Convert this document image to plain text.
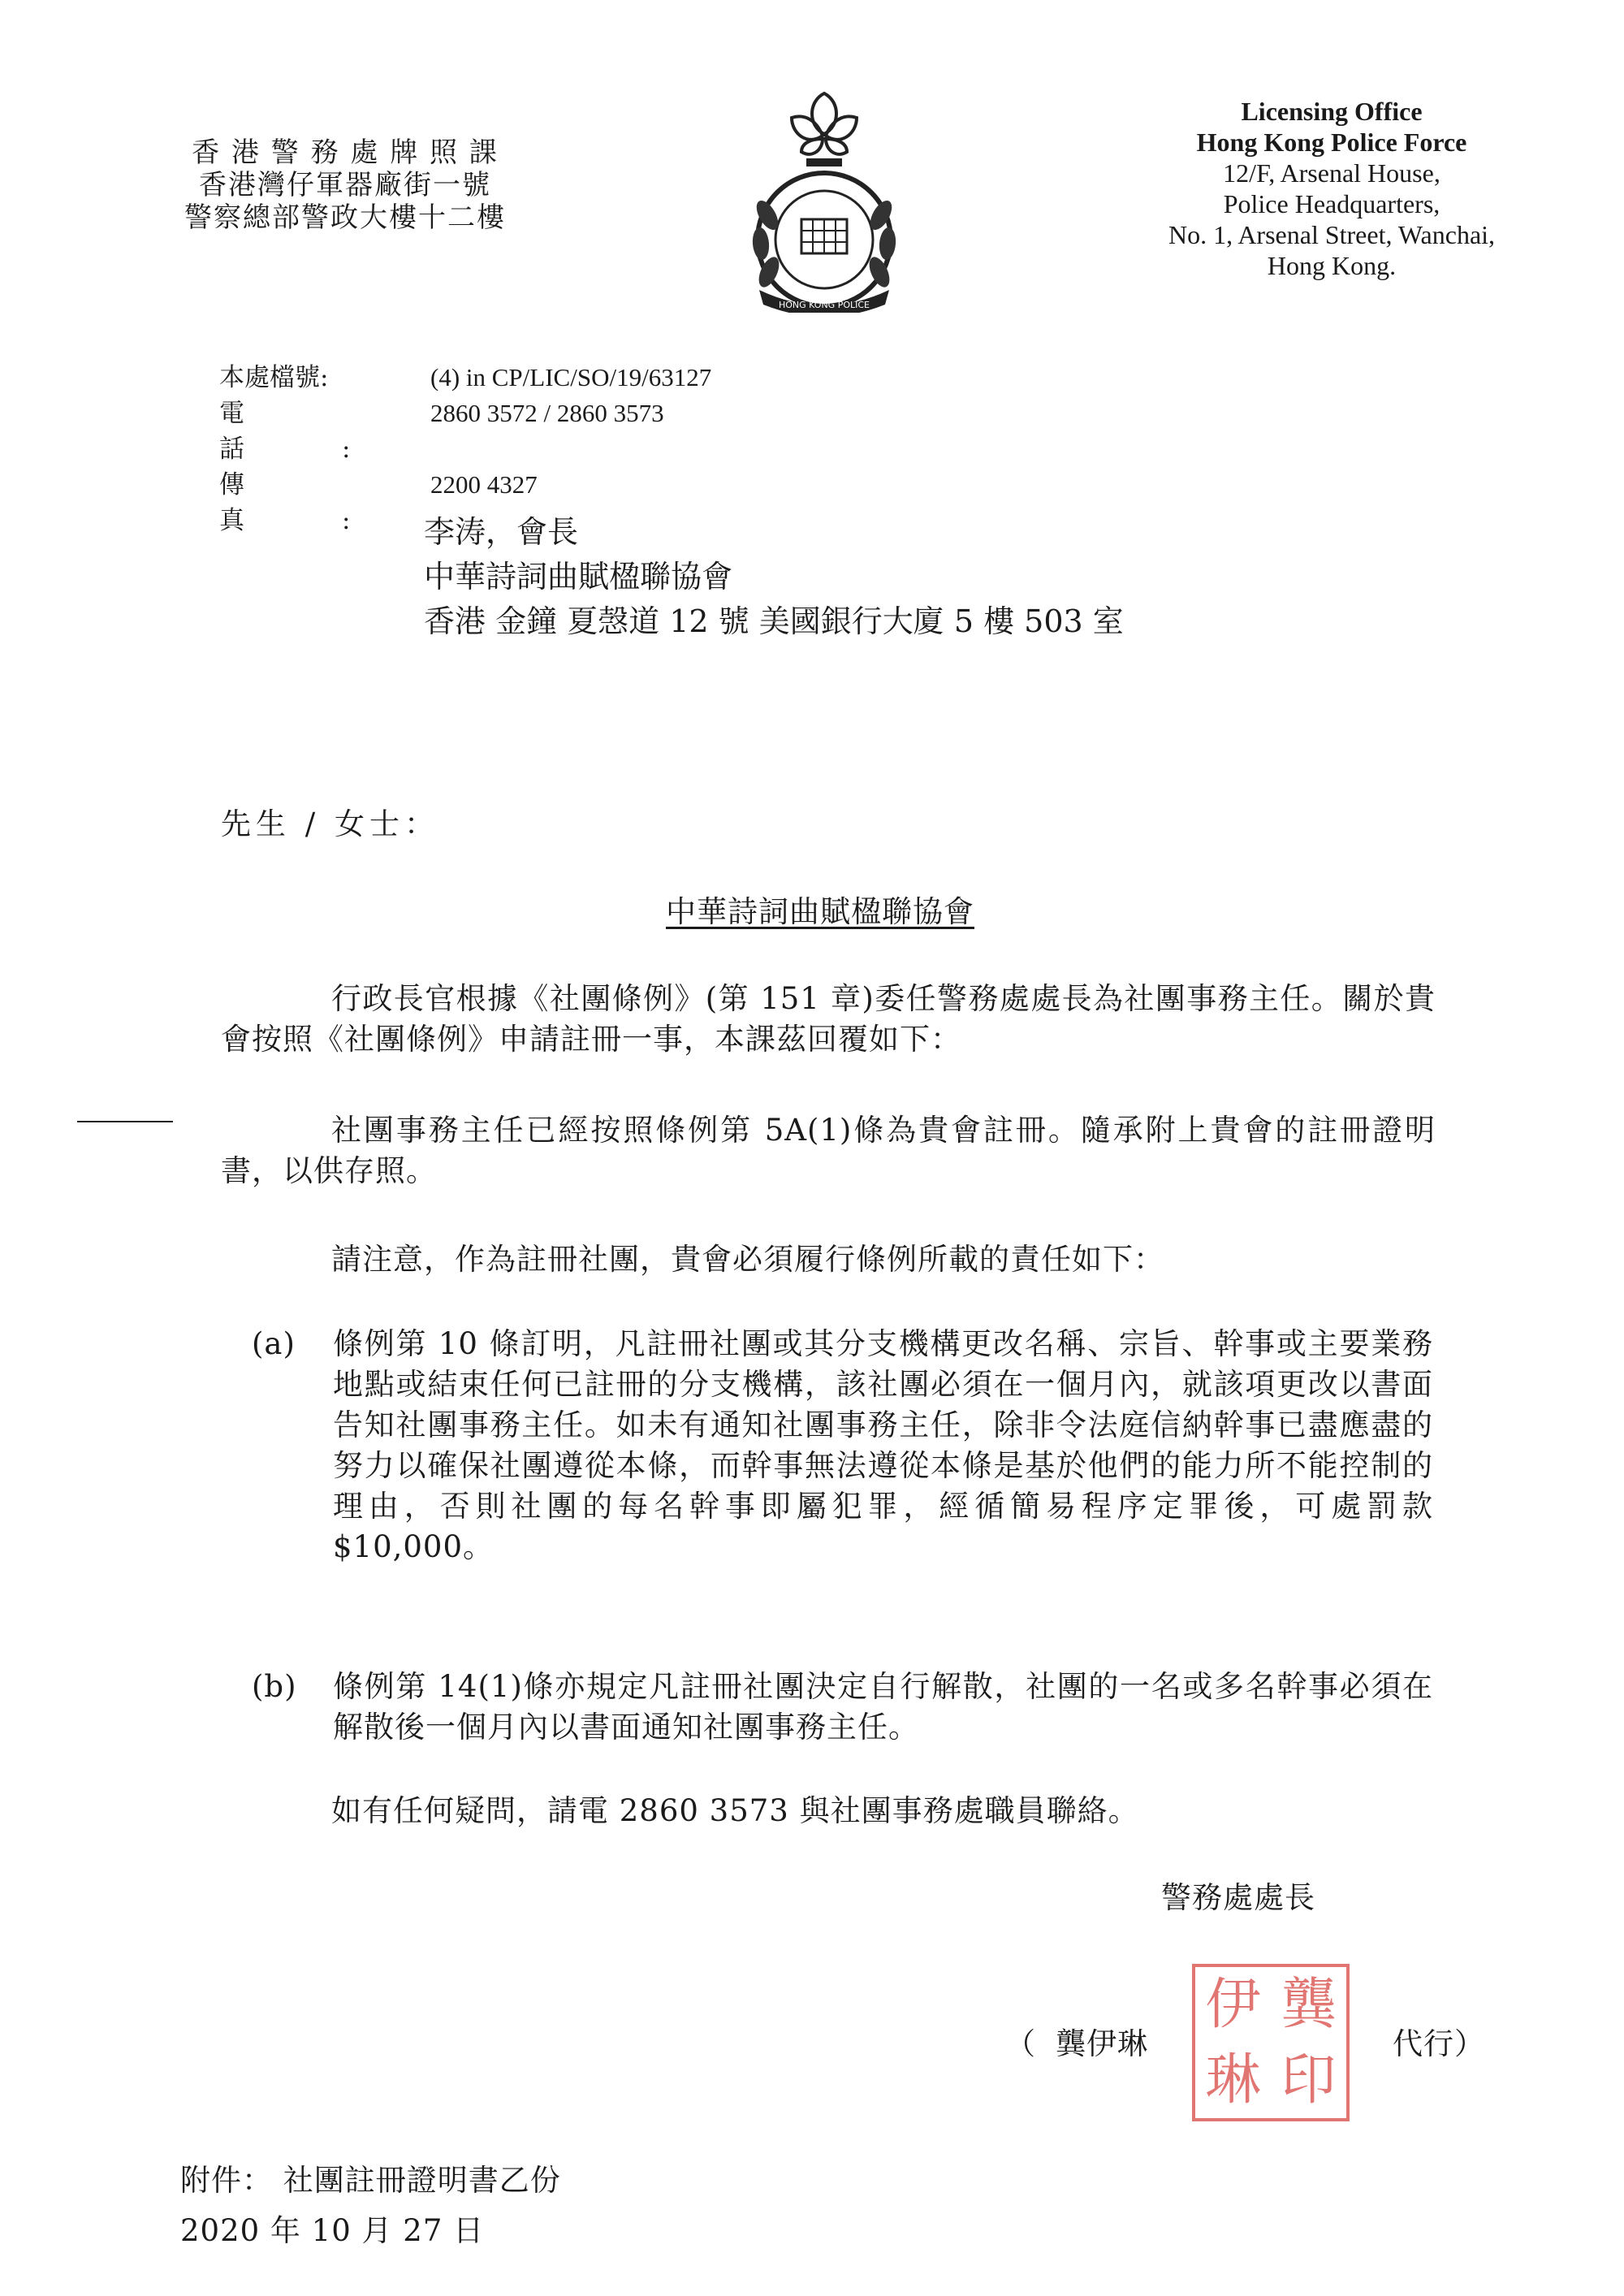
香 港 警 務 處 牌 照 課
香港灣仔軍器廠街一號
警察總部警政大樓十二樓
HONG KONG POLICE
Licensing Office
Hong Kong Police Force
12/F, Arsenal House,
Police Headquarters,
No. 1, Arsenal Street, Wanchai,
Hong Kong.
本處檔號:	(4) in CP/LIC/SO/19/63127
電話:
2860 3572 / 2860 3573
傳真:
2200 4327
李涛，會長
中華詩詞曲賦楹聯協會
香港 金鐘 夏愨道 12 號 美國銀行大廈 5 樓 503 室
先生 / 女士：
中華詩詞曲賦楹聯協會
行政長官根據《社團條例》(第 151 章)委任警務處處長為社團事務主任。關於貴會按照《社團條例》申請註冊一事，本課茲回覆如下：
社團事務主任已經按照條例第 5A(1)條為貴會註冊。隨承附上貴會的註冊證明書，以供存照。
請注意，作為註冊社團，貴會必須履行條例所載的責任如下：
(a) 條例第 10 條訂明，凡註冊社團或其分支機構更改名稱、宗旨、幹事或主要業務地點或結束任何已註冊的分支機構，該社團必須在一個月內，就該項更改以書面告知社團事務主任。如未有通知社團事務主任，除非令法庭信納幹事已盡應盡的努力以確保社團遵從本條，而幹事無法遵從本條是基於他們的能力所不能控制的理由，否則社團的每名幹事即屬犯罪，經循簡易程序定罪後，可處罰款$10,000。
(b) 條例第 14(1)條亦規定凡註冊社團決定自行解散，社團的一名或多名幹事必須在解散後一個月內以書面通知社團事務主任。
如有任何疑問，請電 2860 3573 與社團事務處職員聯絡。
警務處處長
（ 龔伊琳	代行）
伊 龔
琳 印
附件： 社團註冊證明書乙份
2020 年 10 月 27 日
